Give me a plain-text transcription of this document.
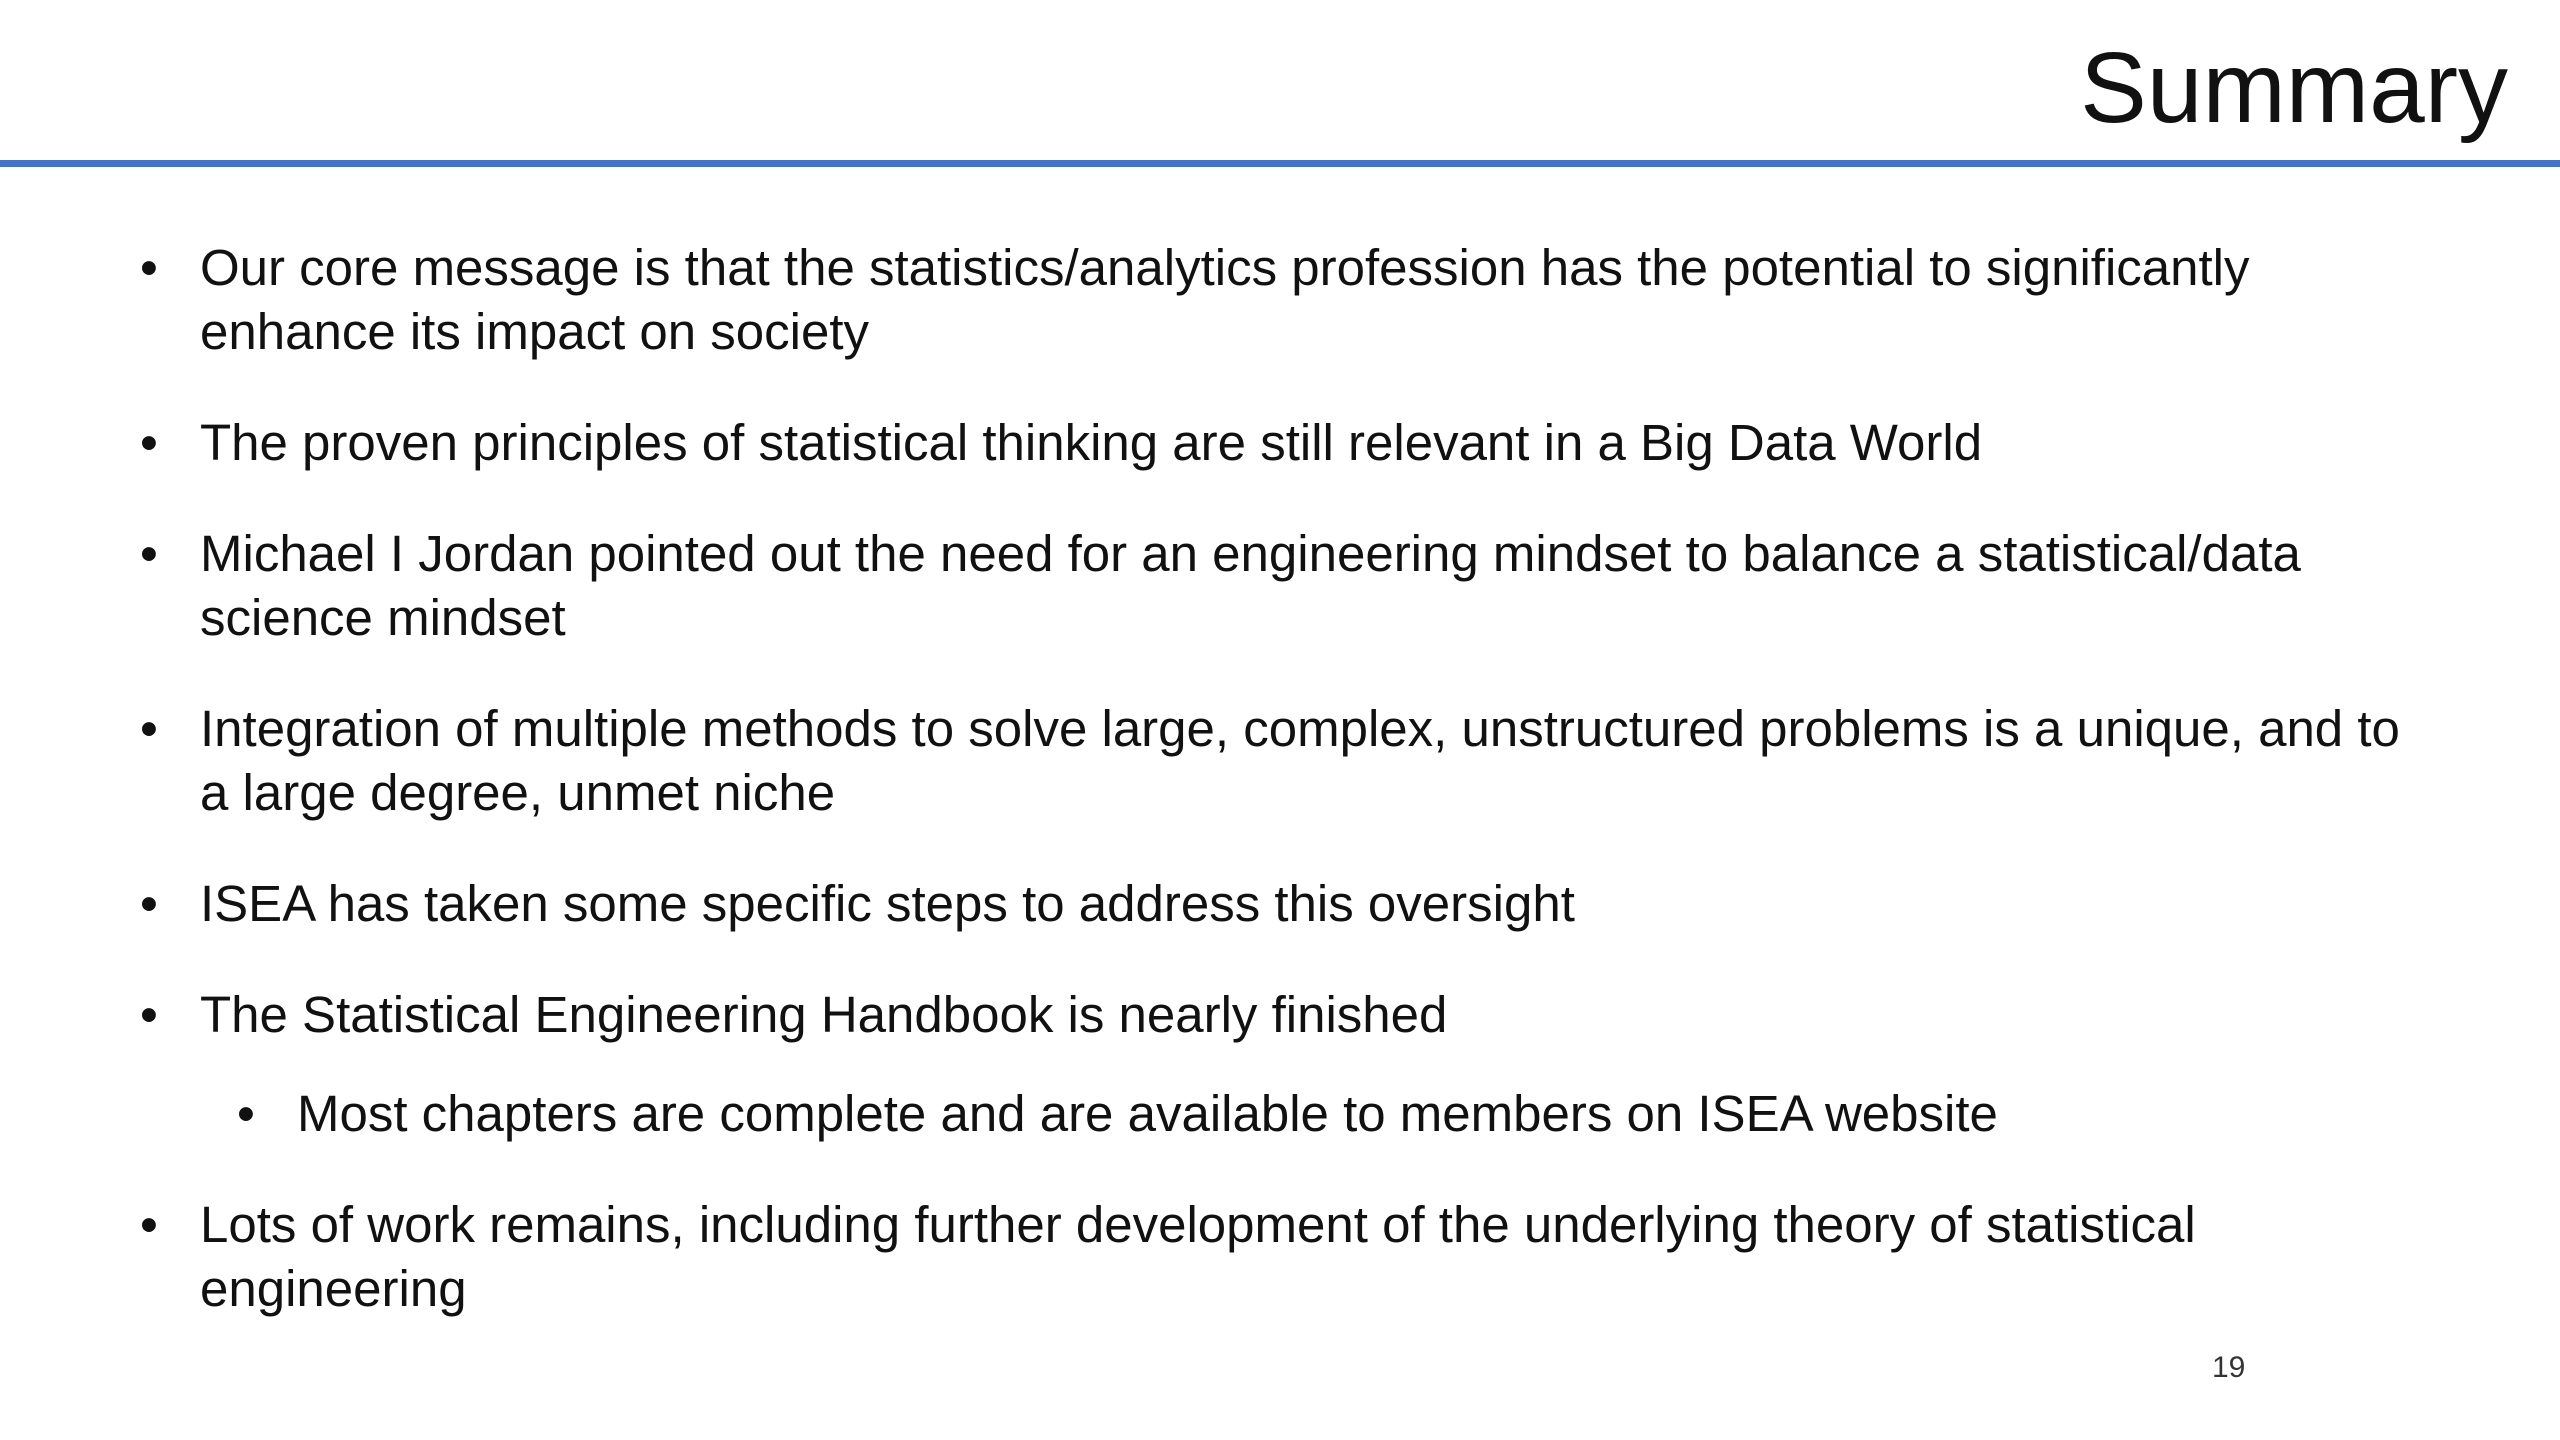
Summary
• Our core message is that the statistics/analytics profession has the potential to significantly enhance its impact on society
• The proven principles of statistical thinking are still relevant in a Big Data World
• Michael I Jordan pointed out the need for an engineering mindset to balance a statistical/data science mindset
• Integration of multiple methods to solve large, complex, unstructured problems is a unique, and to a large degree, unmet niche
• ISEA has taken some specific steps to address this oversight
• The Statistical Engineering Handbook is nearly finished
• Most chapters are complete and are available to members on ISEA website
• Lots of work remains, including further development of the underlying theory of statistical engineering
19
